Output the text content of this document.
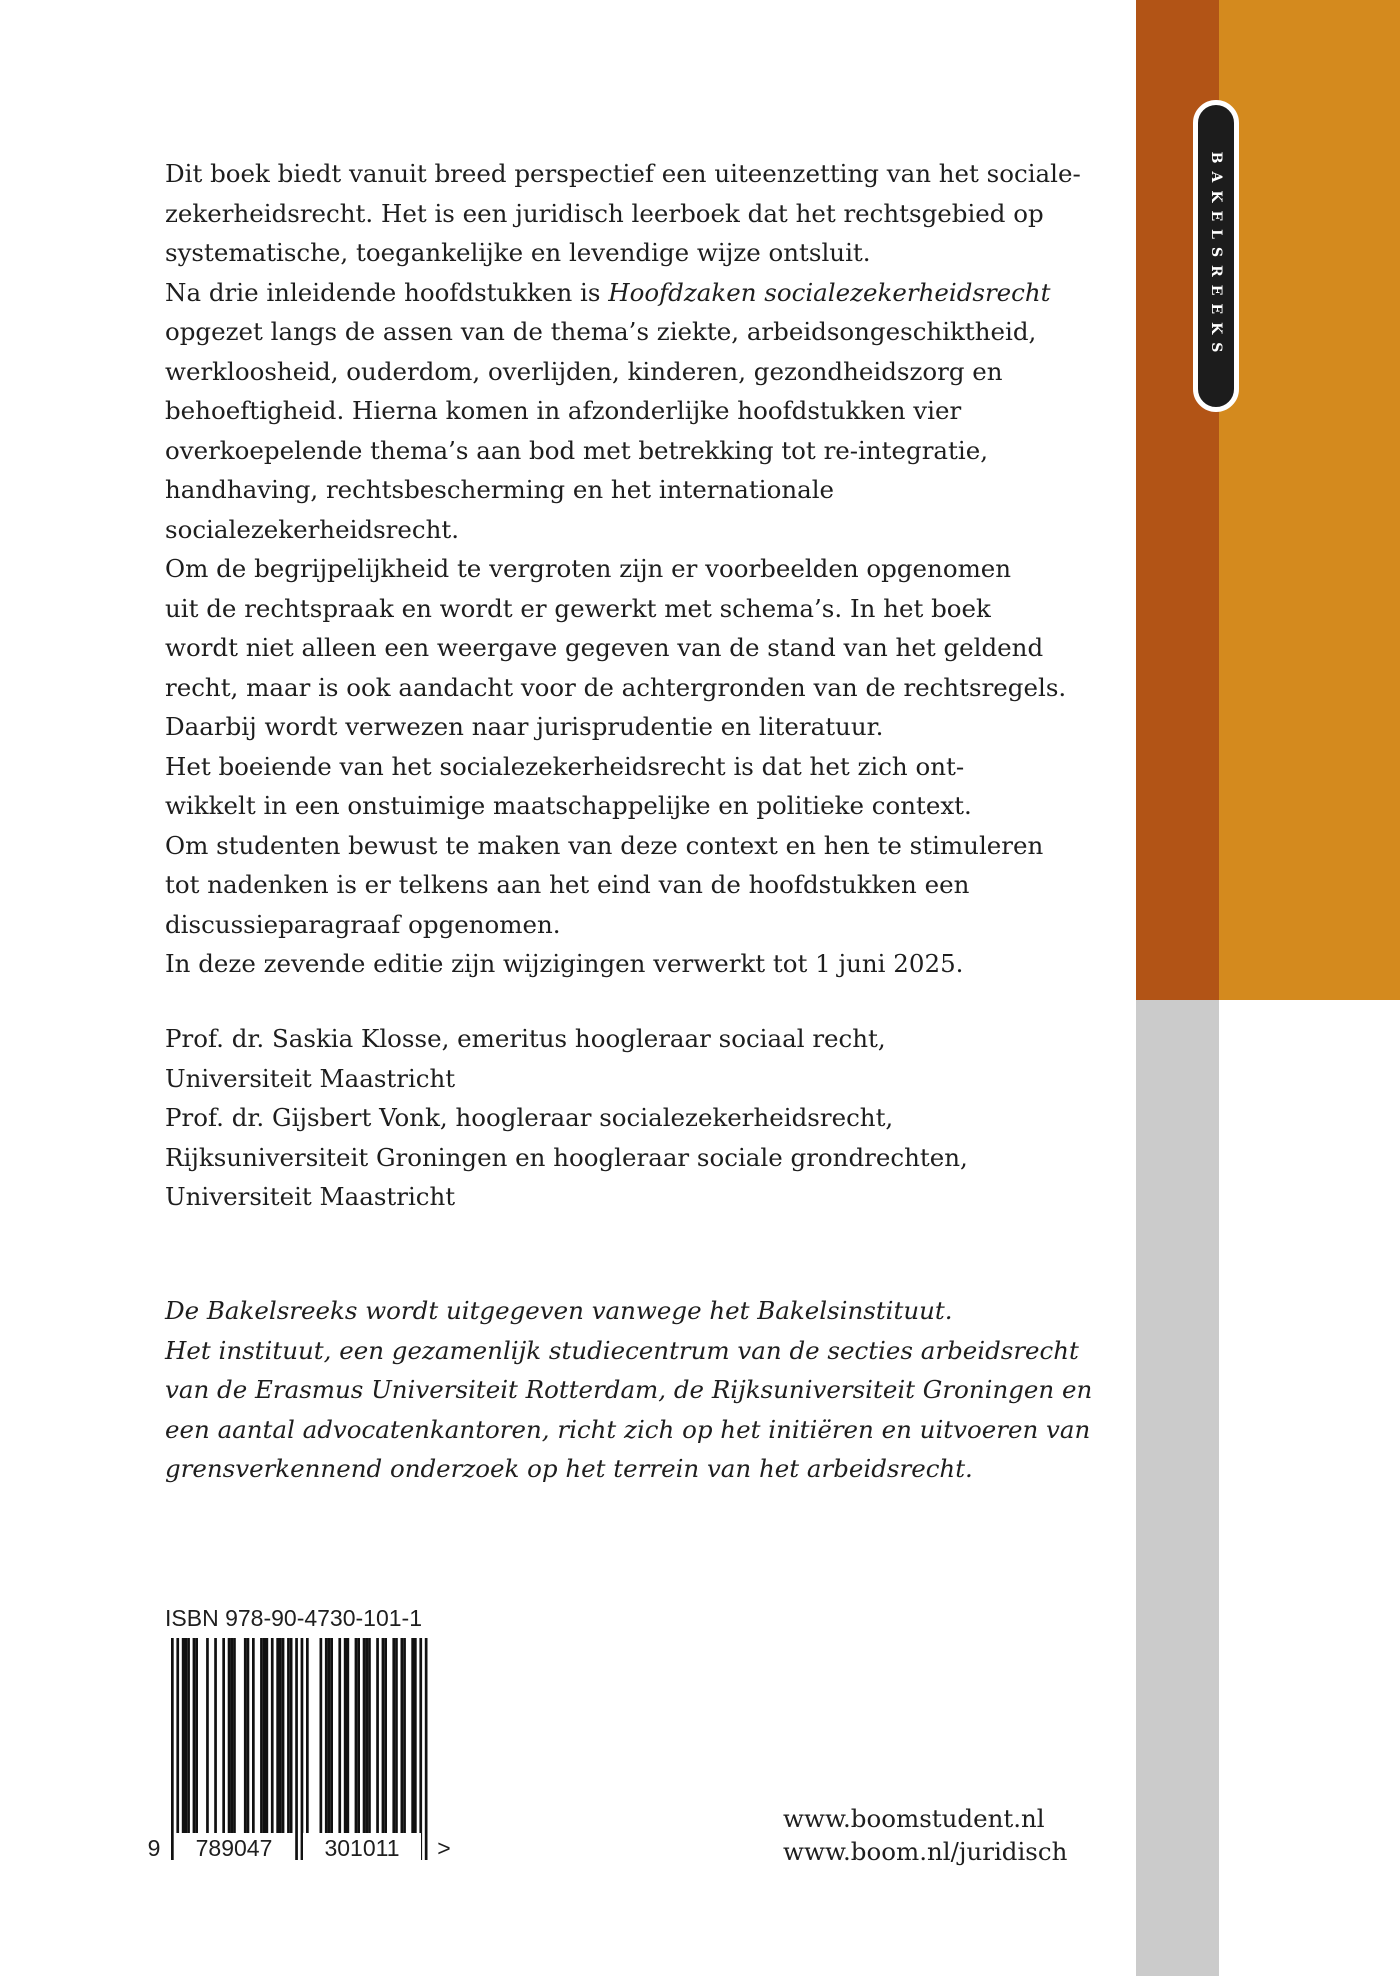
BAKELSREEKS
Dit boek biedt vanuit breed perspectief een uiteenzetting van het sociale-
zekerheidsrecht. Het is een juridisch leerboek dat het rechtsgebied op
systematische, toegankelijke en levendige wijze ontsluit.
Na drie inleidende hoofdstukken is Hoofdzaken socialezekerheidsrecht
opgezet langs de assen van de thema’s ziekte, arbeidsongeschiktheid,
werkloosheid, ouderdom, overlijden, kinderen, gezondheidszorg en
behoeftigheid. Hierna komen in afzonderlijke hoofdstukken vier
overkoepelende thema’s aan bod met betrekking tot re-integratie,
handhaving, rechtsbescherming en het internationale
socialezekerheidsrecht.
Om de begrijpelijkheid te vergroten zijn er voorbeelden opgenomen
uit de rechtspraak en wordt er gewerkt met schema’s. In het boek
wordt niet alleen een weergave gegeven van de stand van het geldend
recht, maar is ook aandacht voor de achtergronden van de rechtsregels.
Daarbij wordt verwezen naar jurisprudentie en literatuur.
Het boeiende van het socialezekerheidsrecht is dat het zich ont-
wikkelt in een onstuimige maatschappelijke en politieke context.
Om studenten bewust te maken van deze context en hen te stimuleren
tot nadenken is er telkens aan het eind van de hoofdstukken een
discussieparagraaf opgenomen.
In deze zevende editie zijn wijzigingen verwerkt tot 1 juni 2025.
Prof. dr. Saskia Klosse, emeritus hoogleraar sociaal recht,
Universiteit Maastricht
Prof. dr. Gijsbert Vonk, hoogleraar socialezekerheidsrecht,
Rijksuniversiteit Groningen en hoogleraar sociale grondrechten,
Universiteit Maastricht
De Bakelsreeks wordt uitgegeven vanwege het Bakelsinstituut.
Het instituut, een gezamenlijk studiecentrum van de secties arbeidsrecht
van de Erasmus Universiteit Rotterdam, de Rijksuniversiteit Groningen en
een aantal advocatenkantoren, richt zich op het initiëren en uitvoeren van
grensverkennend onderzoek op het terrein van het arbeidsrecht.
ISBN 978-90-4730-101-1
9	789047	301011	>
www.boomstudent.nl
www.boom.nl/juridisch
